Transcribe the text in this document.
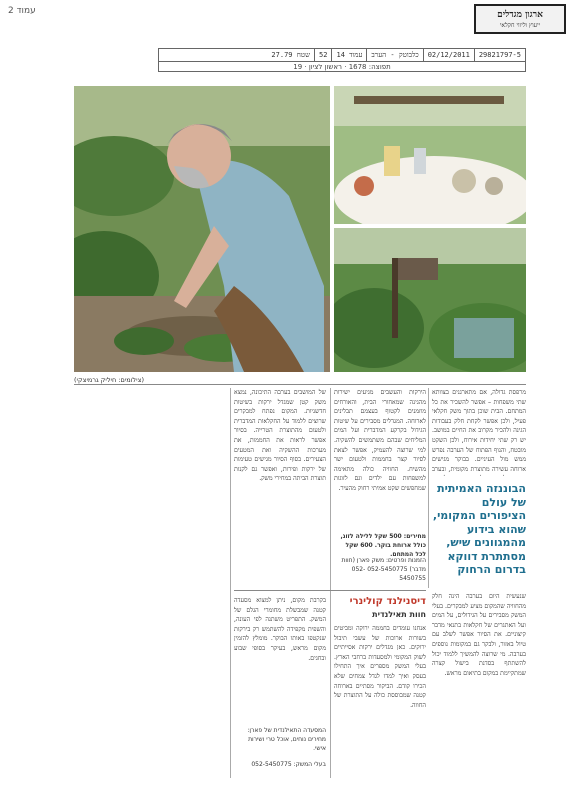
עמוד 2	ארגון מגדלים
ייעוץ וליווי חקלאי
29821797-5
02/12/2011
כלבוטק - הערב
עמוד 14
52
שטח 27.79
תפוצה: 1678 · ראשון לציון · 19
(צילומים: חיליק גרמיצקי)
מרפסת גדולה, אם מתארגנים בצוותא שתי משפחות – אפשר להשכיר את כל המתחם. הבית שוכן בתוך משק חקלאי פעיל, ולכן אפשר לקחת חלק בעבודות הגינה ולהכיר מקרוב את החיים במושב. יש רק שתי יחידות אירוח, ולכן השקט מובטח, והנוף הפתוח של הערבה נפרש ממש מול העיניים. בבוקר מגישים ארוחה עשירה מתוצרת מקומית, ובערב
הבוננזה האמיתית של עולם הציפורים המקומי, שהוא בידוע מהמגוונים שיש, מסתתרת דווקא בדרום הרחוק
הירקות והעשבים מגיעים ישירות מהגינה שמאחורי הבית, והאורחים מוזמנים לקטוף בעצמם תבלינים לארוחה. המגדלים מסבירים על שיטות הגידול בקרקע המדברית ועל המים המליחים שבהם משתמשים להשקיה. למי שרוצה להעמיק, אפשר לצאת לסיור קצר בחממות ולטעום ישר מהשיח. החוויה כולה מתאימה למשפחות עם ילדים וגם לזוגות שמחפשים שקט אמיתי רחוק מהעיר.
מחירים: 500 שקל ללילה לזוג, כולל ארוחת בוקר. 600 שקל לכל המתחם.
הזמנות ופרטים: משק פארן (חוות מדבר) 052-5450775 052-5450755
דיסנילנד קולינרי
חוות תאילנדית
אנחנו עומדים בחממה ירוקה ומביטים בשורות ארוכות של עשבי תיבול ירוקים. כאן מגדלים ירקות אסייתיים לשוק המקומי ולמסעדות ברחבי הארץ. בעלי המשק מספרים איך התחילו בעסק ואיך למדו לגדל צמחים שלא הכירו קודם. הביקור מסתיים בארוחה קטנה שמבוססת כולה על התוצרת של החווה.
שנעשית היום בערבה הינה חלק מהחוויה שהמקום מציע למבקרים. בעלי המשק מסבירים על הגידולים, על המים ועל האתגרים של חקלאות בתנאי מדבר קיצוניים. את הסיור אפשר לשלב עם טיול באזור, ולבקר גם במקומות נוספים בערבה. מי שרוצה להמשיך ללמוד יכול להשתתף בסדנת בישול קצרה שמתקיימת במקום בתיאום מראש.
של המושבים בערבה התיכונה, נמצא משק קטן שמגדל ירקות בשיטות חדשניות. המקום נפתח למבקרים שרוצים ללמוד על החקלאות המדברית ולטעום מהתוצרת הטרייה. בסיור אפשר לראות את החממות, את מערכות ההשקיה ואת המטעים הצעירים. בסוף הסיור מגישים טעימות של ירקות ופירות, ואפשר גם לקנות תוצרת הביתה במחירי משק.
בקרבת מקום, ניתן למצוא מסעדה קטנה שמבשלת מחומרי הגלם של המשק. התפריט משתנה לפי העונה, והשפית מקפידה להשתמש רק בירקות שנקטפו באותו הבוקר. מומלץ להזמין מקום מראש, בעיקר בסופי שבוע ובחגים.
המסעדה התאילנדית של פארן: מחירים נוחים, אוכל טרי ושירות אישי.
בעלי המשק: 052-5450775
